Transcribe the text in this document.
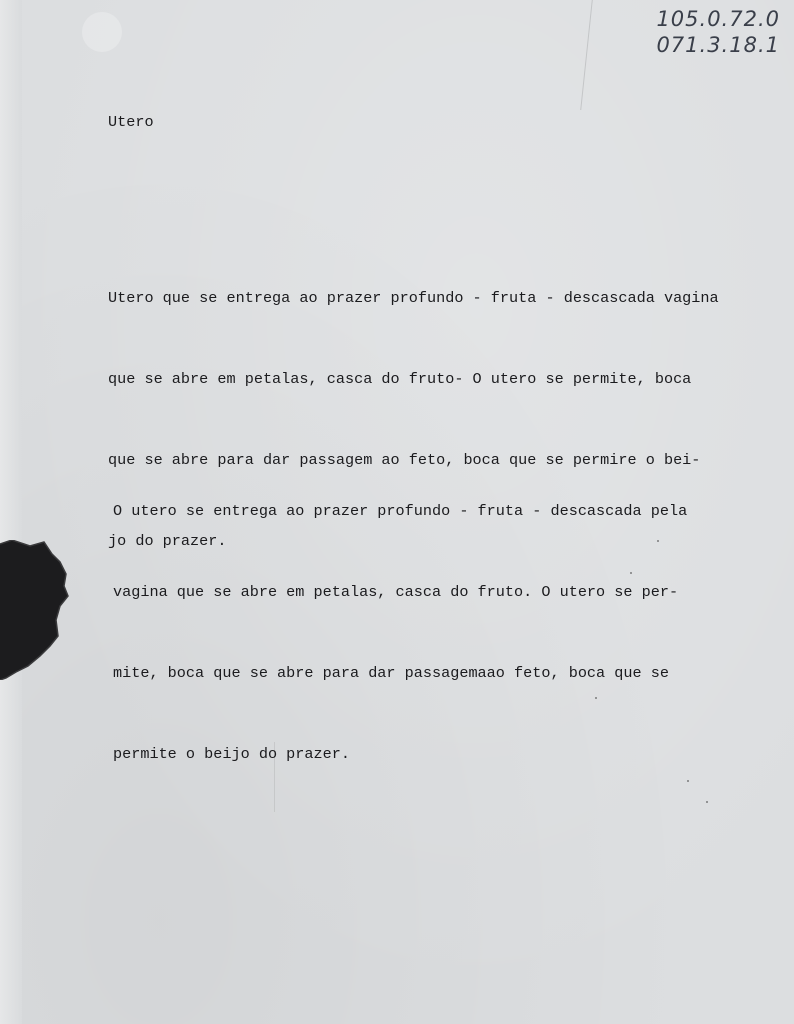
105.0.72.0
071.3.18.1
Utero

Utero que se entrega ao prazer profundo - fruta - descascada vagina

que se abre em petalas, casca do fruto- O utero se permite, boca

que se abre para dar passagem ao feto, boca que se permire o bei-

jo do prazer.

O utero se entrega ao prazer profundo - fruta - descascada pela

vagina que se abre em petalas, casca do fruto. O utero se per-

mite, boca que se abre para dar passagemaao feto, boca que se

permite o beijo do prazer.
